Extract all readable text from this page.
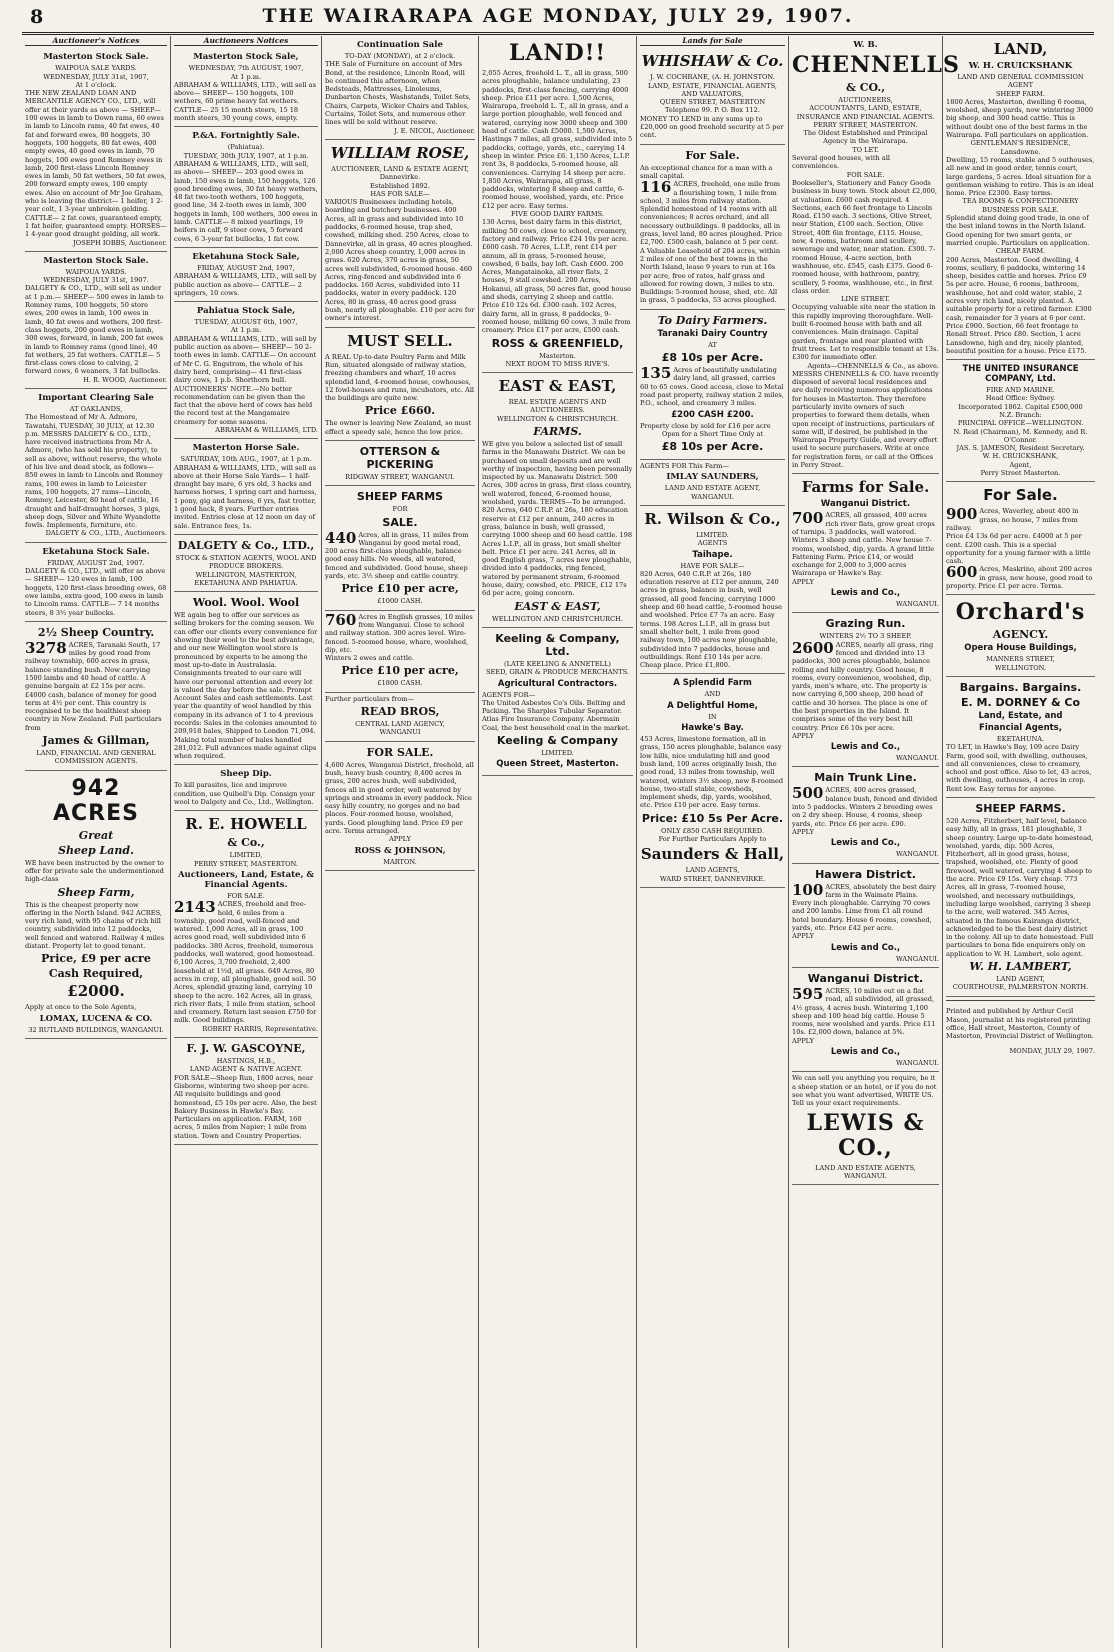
8	THE WAIRARAPA AGE MONDAY, JULY 29, 1907.
Auctioneer's Notices
Masterton Stock Sale.

WAIPOUA SALE YARDS.

WEDNESDAY, JULY 31st, 1907,

At 1 o'clock.

THE NEW ZEALAND LOAN AND MERCANTILE AGENCY CO., LTD., will offer at their yards as above — SHEEP— 100 ewes in lamb to Down rams, 60 ewes in lamb to Lincoln rams, 40 fat ewes, 40 fat and forward ewes, 80 hoggets, 30 hoggets, 100 hoggets, 80 fat ewes, 400 empty ewes, 40 good ewes in lamb, 70 hoggets, 100 ewes good Romney ewes in lamb, 200 first-class Lincoln Romney ewes in lamb, 50 fat wethers, 50 fat ewes, 200 forward empty ewes, 100 empty ewes. Also on account of Mr Joe Graham, who is leaving the district— 1 heifer, 1 2-year colt, 1 3-year unbroken gelding. CATTLE— 2 fat cows, guaranteed empty, 1 fat heifer, guaranteed empty. HORSES— 1 4-year good draught gelding, all work.

JOSEPH IOBBS, Auctioneer.

Masterton Stock Sale.

WAIPOUA YARDS.

WEDNESDAY, JULY 31st, 1907.

DALGETY & CO., LTD., will sell as under at 1 p.m.— SHEEP— 500 ewes in lamb to Romney rams, 100 hoggets, 50 store ewes, 200 ewes in lamb, 100 ewes in lamb, 40 fat ewes and wethers, 200 first-class hoggets, 200 good ewes in lamb, 300 ewes, forward, in lamb, 200 fat ewes in lamb to Romney rams (good line), 40 fat wethers, 25 fat wethers. CATTLE— 5 first-class cows close to calving, 2 forward cows, 6 weaners, 3 fat bullocks.

H. R. WOOD, Auctioneer.

Important Clearing Sale

AT OAKLANDS,

The Homestead of Mr A. Admore, Tawatahi, TUESDAY, 30 JULY, at 12.30 p.m. MESSRS DALGETY & CO., LTD., have received instructions from Mr A. Admore, (who has sold his property), to sell as above, without reserve, the whole of his live and dead stock, as follows— 850 ewes in lamb to Lincoln and Romney rams, 100 ewes in lamb to Leicester rams, 100 hoggets, 27 rams—Lincoln, Romney, Leicester, 80 head of cattle, 16 draught and half-draught horses, 3 pigs, sheep dogs, Silver and White Wyandotte fowls. Implements, furniture, etc.

DALGETY & CO., LTD., Auctioneers.

Eketahuna Stock Sale.

FRIDAY, AUGUST 2nd, 1907.

DALGETY & CO., LTD., will offer as above— SHEEP— 120 ewes in lamb, 100 hoggets, 120 first-class breeding ewes, 68 ewe lambs, extra good, 100 ewes in lamb to Lincoln rams. CATTLE— 7 14 months steers, 8 3½ year bullocks.

2½ Sheep Country.

3278 ACRES, Taranaki South, 17 miles by good road from railway township, 600 acres in grass, balance standing bush. Now carrying 1500 lambs and 40 head of cattle. A genuine bargain at £2 15s per acre. £4000 cash, balance of money for good term at 4½ per cent. This country is recognised to be the healthiest sheep country in New Zealand. Full particulars from

James & Gillman,

LAND, FINANCIAL AND GENERAL COMMISSION AGENTS.

942 ACRES
Great
Sheep Land.

WE have been instructed by the owner to offer for private sale the undermentioned high-class

Sheep Farm,

This is the cheapest property now offering in the North Island. 942 ACRES, very rich land, with 95 chains of rich hill country, subdivided into 12 paddocks, well fenced and watered. Railway 4 miles distant. Property let to good tenant.

Price, £9 per acre
Cash Required,
£2000.

Apply at once to the Sole Agents,

LOMAX, LUCENA & CO.

32 RUTLAND BUILDINGS, WANGANUI.

Auctioneers Notices
Masterton Stock Sale,

WEDNESDAY, 7th AUGUST, 1907,

At 1 p.m.

ABRAHAM & WILLIAMS, LTD., will sell as above— SHEEP— 150 hoggets, 100 wethers, 60 prime heavy fat wethers. CATTLE— 25 15 month steers, 15 18 month steers, 30 young cows, empty.

P.&A. Fortnightly Sale.

(Pahiatua).

TUESDAY, 30th JULY, 1907, at 1 p.m.

ABRAHAM & WILLIAMS, LTD., will sell, as above— SHEEP— 203 good ewes in lamb, 150 ewes in lamb, 150 hoggets, 126 good breeding ewes, 30 fat heavy wethers, 48 fat two-tooth wethers, 100 hoggets, good line, 34 2-tooth ewes in lamb, 300 hoggets in lamb, 100 wethers, 300 ewes in lamb. CATTLE— 8 mixed yearlings, 19 heifers in calf, 9 steer cows, 5 forward cows, 6 3-year fat bullocks, 1 fat cow.

Eketahuna Stock Sale,

FRIDAY, AUGUST 2nd, 1907,

ABRAHAM & WILLIAMS, LTD., will sell by public auction as above— CATTLE— 2 springers, 10 cows.

Pahiatua Stock Sale,

TUESDAY, AUGUST 6th, 1907,

At 1 p.m.

ABRAHAM & WILLIAMS, LTD., will sell by public auction as above— SHEEP— 50 2-tooth ewes in lamb. CATTLE— On account of Mr C. G. Engstrom, the whole of his dairy herd, comprising— 41 first-class dairy cows, 1 p.b. Shorthorn bull.

AUCTIONEERS' NOTE.—No better recommendation can be given than the fact that the above herd of cows has held the record test at the Mangamaire creamery for some seasons.

ABRAHAM & WILLIAMS, LTD.

Masterton Horse Sale.

SATURDAY, 10th AUG., 1907, at 1 p.m.

ABRAHAM & WILLIAMS, LTD., will sell as above at their Horse Sale Yards— 1 half-draught bay mare, 6 yrs old, 3 hacks and harness horses, 1 spring cart and harness, 1 pony, gig and harness, 6 yrs, fast trotter, 1 good hack, 8 years. Further entries invited. Entries close at 12 noon on day of sale. Entrance fees, 1s.

DALGETY & Co., LTD.,

STOCK & STATION AGENTS, WOOL AND PRODUCE BROKERS.

WELLINGTON, MASTERTON, EKETAHUNA AND PAHIATUA.

Wool. Wool. Wool

WE again beg to offer our services as selling brokers for the coming season. We can offer our clients every convenience for showing their wool to the best advantage, and our new Wellington wool store is pronounced by experts to be among the most up-to-date in Australasia. Consignments treated to our care will have our personal attention and every lot is valued the day before the sale. Prompt Account Sales and cash settlements. Last year the quantity of wool handled by this company in its advance of 1 to 4 previous records: Sales in the colonies amounted to 209,918 bales, Shipped to London 71,094. Making total number of bales handled 281,012. Full advances made against clips when required.

Sheep Dip.

To kill parasites, lice and improve condition, use Quibell's Dip. Consign your wool to Dalgety and Co., Ltd., Wellington.

R. E. HOWELL
& Co.,

LIMITED,

PERRY STREET, MASTERTON.

Auctioneers, Land, Estate, & Financial Agents.

FOR SALE.

2143 ACRES, freehold and free-hold, 6 miles from a township, good road, well-fenced and watered. 1,000 Acres, all in grass, 100 acres good road, well subdivided into 6 paddocks. 380 Acres, freehold, numerous paddocks, well watered, good homestead. 6,100 Acres, 3,700 freehold, 2,400 leasehold at 1½d, all grass. 649 Acres, 80 acres in crop, all ploughable, good soil. 50 Acres, splendid grazing land, carrying 10 sheep to the acre. 162 Acres, all in grass, rich river flats, 1 mile from station, school and creamery. Return last season £750 for milk. Good buildings.

ROBERT HARRIS, Representative.

F. J. W. GASCOYNE,

HASTINGS, H.B.,

LAND AGENT & NATIVE AGENT.

FOR SALE—Sheep Run, 1800 acres, near Gisborne, wintering two sheep per acre. All requisite buildings and good homestead, £5 10s per acre. Also, the best Bakery Business in Hawke's Bay. Particulars on application. FARM, 160 acres, 5 miles from Napier; 1 mile from station. Town and Country Properties.

Continuation Sale

TO-DAY (MONDAY), at 2 o'clock.

THE Sale of Furniture on account of Mrs Bond, at the residence, Lincoln Road, will be continued this afternoon, when Bedsteads, Mattresses, Linoleums, Dunbarton Chests, Washstands, Toilet Sets, Chairs, Carpets, Wicker Chairs and Tables, Curtains, Toilet Sets, and numerous other lines will be sold without reserve.

J. E. NICOL, Auctioneer.

WILLIAM ROSE,

AUCTIONEER, LAND & ESTATE AGENT, Dannevirke.

Established 1892.

HAS FOR SALE—

VARIOUS Businesses including hotels, boarding and butchery businesses. 400 Acres, all in grass and subdivided into 10 paddocks, 6-roomed house, trap shed, cowshed, milking shed. 250 Acres, close to Dannevirke, all in grass, 40 acres ploughed. 2,000 Acres sheep country, 1,000 acres in grass. 620 Acres, 370 acres in grass, 50 acres well subdivided, 6-roomed house. 460 Acres, ring-fenced and subdivided into 6 paddocks. 160 Acres, subdivided into 11 paddocks, water in every paddock. 120 Acres, 80 in grass, 40 acres good grass bush, nearly all ploughable. £10 per acre for owner's interest.

MUST SELL.

A REAL Up-to-date Poultry Farm and Milk Run, situated alongside of railway station, freezing chambers and wharf, 10 acres splendid land, 4-roomed house, cowhouses, 12 fowl-houses and runs, incubators, etc. All the buildings are quite new.

Price £660.

The owner is leaving New Zealand, so must effect a speedy sale, hence the low price.

OTTERSON & PICKERING

RIDGWAY STREET, WANGANUI.

SHEEP FARMS

FOR

SALE.

440 Acres, all in grass, 11 miles from Wanganui by good metal road, 200 acres first-class ploughable, balance good easy hills. No weeds, all watered, fenced and subdivided. Good house, sheep yards, etc. 3½ sheep and cattle country.

Price £10 per acre,

£1000 CASH.

760 Acres in English grasses, 10 miles from Wanganui. Close to school and railway station. 300 acres level. Wire-fenced. 5-roomed house, whare, woolshed, dip, etc.

Winters 2 ewes and cattle.

Price £10 per acre,

£1800 CASH.

Further particulars from—

READ BROS,

CENTRAL LAND AGENCY,

WANGANUI

FOR SALE.

4,600 Acres, Wanganui District, freehold, all bush, heavy bush country, 8,400 acres in grass, 200 acres bush, well subdivided, fences all in good order, well watered by springs and streams in every paddock. Nice easy hilly country, no gorges and no bad places. Four-roomed house, woolshed, yards. Good ploughing land. Price £9 per acre. Terms arranged.

APPLY

ROSS & JOHNSON,

MARTON.

LAND!!

2,055 Acres, freehold L. T., all in grass, 500 acres ploughable, balance undulating, 23 paddocks, first-class fencing, carrying 4000 sheep. Price £11 per acre. 1,500 Acres, Wairarapa, freehold L. T., all in grass, and a large portion ploughable, well fenced and watered, carrying now 3000 sheep and 300 head of cattle. Cash £5000. 1,500 Acres, Hastings 7 miles, all grass, subdivided into 5 paddocks, cottage, yards, etc., carrying 14 sheep in winter. Price £6. 1,150 Acres, L.I.P. rent 3s, 8 paddocks, 5-roomed house, all conveniences. Carrying 14 sheep per acre. 1,850 Acres, Wairarapa, all grass, 8 paddocks, wintering 8 sheep and cattle, 6-roomed house, woolshed, yards, etc. Price £12 per acre. Easy terms.

FIVE GOOD DAIRY FARMS.

130 Acres, best dairy farm in this district, milking 50 cows, close to school, creamery, factory and railway. Price £24 10s per acre. £600 cash. 70 Acres, L.I.P., rent £14 per annum, all in grass, 5-roomed house, cowshed, 6 bails, bay loft. Cash £600. 200 Acres, Mangatainoka, all river flats, 2 houses, 9 stall cowshed. 200 Acres, Hokanui, all grass, 50 acres flat, good house and sheds, carrying 2 sheep and cattle. Price £10 12s 6d. £300 cash. 102 Acres, dairy farm, all in grass, 8 paddocks, 9-roomed house, milking 60 cows, 3 mile from creamery. Price £17 per acre, £500 cash.

ROSS & GREENFIELD,

Masterton.

NEXT ROOM TO MISS RIVE'S.

EAST & EAST,

REAL ESTATE AGENTS AND AUCTIONEERS.

WELLINGTON & CHRISTCHURCH.

FARMS.

WE give you below a selected list of small farms in the Manawatu District. We can be purchased on small deposits and are well worthy of inspection, having been personally inspected by us. Manawatu District. 500 Acres, 300 acres in grass, first class country, well watered, fenced, 6-roomed house, woolshed, yards. TERMS—To be arranged. 820 Acres, 640 C.R.P. at 26s, 180 education reserve at £12 per annum, 240 acres in grass, balance in bush, well grassed, carrying 1000 sheep and 60 head cattle. 198 Acres L.I.P., all in grass, but small shelter belt. Price £1 per acre. 241 Acres, all in good English grass, 7 acres new ploughable, divided into 4 paddocks, ring fenced, watered by permanent stream, 6-roomed house, dairy, cowshed, etc. PRICE, £12 17s 6d per acre, going concern.

EAST & EAST,

WELLINGTON AND CHRISTCHURCH.

Keeling & Company, Ltd.

(LATE KEELING & ANNETELL)

SEED, GRAIN & PRODUCE MERCHANTS.

Agricultural Contractors.

AGENTS FOR—

The United Asbestos Co's Oils. Belting and Packing. The Sharples Tubular Separator. Atlas Fire Insurance Company. Abermain Coal, the best household coal in the market.

Keeling & Company

LIMITED.

Queen Street, Masterton.
Lands for Sale
WHISHAW & Co.

J. W. COCHRANE, (A. H. JOHNSTON.

LAND, ESTATE, FINANCIAL AGENTS, AND VALUATORS,

QUEEN STREET, MASTERTON

Telephone 99. P. O. Box 112.

MONEY TO LEND in any sums up to £20,000 on good freehold security at 5 per cent.

For Sale.

An exceptional chance for a man with a small capital.

116 ACRES, freehold, one mile from a flourishing town, 1 mile from school, 3 miles from railway station. Splendid homestead of 14 rooms with all conveniences; 8 acres orchard, and all necessary outbuildings. 8 paddocks, all in grass, level land, 80 acres ploughed. Price £2,700. £500 cash, balance at 5 per cent.

A Valuable Leasehold of 204 acres, within 2 miles of one of the best towns in the North Island, lease 9 years to run at 16s per acre, free of rates, half grass and allowed for rowing down, 3 miles to stn. Buildings: 5-roomed house, shed, etc. All in grass, 5 paddocks, 53 acres ploughed.

To Dairy Farmers.
Taranaki Dairy Country

AT

£8 10s per Acre.

135 Acres of beautifully undulating dairy land, all grassed, carries 60 to 65 cows. Good access, close to Metal road past property, railway station 2 miles, P.O., school, and creamery 3 miles.

£200 CASH £200.

Property close by sold for £16 per acre

Open for a Short Time Only at

£8 10s per Acre.

AGENTS FOR This Farm—

IMLAY SAUNDERS,

LAND AND ESTATE AGENT,

WANGANUI.

R. Wilson & Co.,

LIMITED.

AGENTS

Taihape.

HAVE FOR SALE—

820 Acres, 640 C.R.P. at 26s, 180 education reserve at £12 per annum, 240 acres in grass, balance in bush, well grassed, all good fencing, carrying 1000 sheep and 60 head cattle, 5-roomed house and woolshed. Price £7 7s an acre. Easy terms. 198 Acres L.I.P., all in grass but small shelter belt, 1 mile from good railway town, 100 acres now ploughable, subdivided into 7 paddocks, house and outbuildings. Rent £10 14s per acre. Cheap place. Price £1,800.

A Splendid Farm

AND

A Delightful Home,

IN

Hawke's Bay.

453 Acres, limestone formation, all in grass, 150 acres ploughable, balance easy low hills, nice undulating hill and good bush land, 100 acres originally bush, the good road, 13 miles from township, well watered, winters 3½ sheep, new 8-roomed house, two-stall stable, cowsheds, implement sheds, dip, yards, woolshed, etc. Price £10 per acre. Easy terms.

Price: £10 5s Per Acre.

ONLY £850 CASH REQUIRED.

For Further Particulars Apply to

Saunders & Hall,

LAND AGENTS,

WARD STREET, DANNEVIRKE.

W. B.
CHENNELLS
& CO.,

AUCTIONEERS,

ACCOUNTANTS, LAND, ESTATE, INSURANCE AND FINANCIAL AGENTS.

PERRY STREET, MASTERTON.

The Oldest Established and Principal Agency in the Wairarapa.

TO LET.

Several good houses, with all conveniences.

FOR SALE.

Bookseller's, Stationery and Fancy Goods business in busy town. Stock about £2,000, at valuation. £600 cash required. 4 Sections, each 66 feet frontage to Lincoln Road. £150 each. 3 sections, Olive Street, near Station, £100 each. Section, Olive Street, 40ft 6in frontage, £115. House, new, 4 rooms, bathroom and scullery, sewerage and water, near station. £300. 7-roomed House, 4-acre section, both washhouse, etc. £545, cash £375. Good 6-roomed house, with bathroom, pantry, scullery, 5 rooms, washhouse, etc., in first class order.

LINE STREET.

Occupying valuable site near the station in this rapidly improving thoroughfare. Well-built 6-roomed house with bath and all conveniences. Main drainage. Capital garden, frontage and rear planted with fruit trees. Let to responsible tenant at 13s. £300 for immediate offer.

Agents—CHENNELLS & Co., as above.

MESSRS CHENNELLS & CO. have recently disposed of several local residences and are daily receiving numerous applications for houses in Masterton. They therefore particularly invite owners of such properties to forward them details, when upon receipt of instructions, particulars of same will, if desired, be published in the Wairarapa Property Guide, and every effort used to secure purchasers. Write at once for registration form, or call at the Offices in Perry Street.

Farms for Sale.
Wanganui District.

700 ACRES, all grassed, 400 acres rich river flats, grow great crops of turnips. 3 paddocks, well watered. Winters 3 sheep and cattle. New house 7-rooms, woolshed, dip, yards. A grand little Fattening Farm. Price £14, or would exchange for 2,000 to 3,000 acres Wairarapa or Hawke's Bay.

APPLY

Lewis and Co.,

WANGANUI.

Grazing Run.

WINTERS 2½ TO 3 SHEEP.

2600 ACRES, nearly all grass, ring fenced and divided into 13 paddocks, 300 acres ploughable, balance rolling and hilly country. Good house, 8 rooms, every convenience, woolshed, dip, yards, men's whare, etc. The property is now carrying 6,500 sheep, 200 head of cattle and 30 horses. The place is one of the best properties in the Island. It comprises some of the very best hill country. Price £6 10s per acre.

APPLY

Lewis and Co.,

WANGANUI.

Main Trunk Line.

500 ACRES, 400 acres grassed, balance bush, fenced and divided into 5 paddocks. Winters 2 breeding ewes on 2 dry sheep. House, 4 rooms, sheep yards, etc. Price £6 per acre. £90.

APPLY

Lewis and Co.,

WANGANUI.

Hawera District.

100 ACRES, absolutely the best dairy farm in the Waimate Plains. Every inch ploughable. Carrying 70 cows and 200 lambs. Lime from £1 all round hotel boundary. House 6 rooms, cowshed, yards, etc. Price £42 per acre.

APPLY

Lewis and Co.,

WANGANUI.

Wanganui District.

595 ACRES, 10 miles out on a flat road, all subdivided, all grassed, 4½ grass, 4 acres bush. Wintering 1,100 sheep and 100 head big cattle. House 5 rooms, new woolshed and yards. Price £11 10s. £2,000 down, balance at 5%.

APPLY

Lewis and Co.,

WANGANUI.

We can sell you anything you require, be it a sheep station or an hotel, or if you do not see what you want advertised, WRITE US. Tell us your exact requirements.

LEWIS & CO.,

LAND AND ESTATE AGENTS,

WANGANUI.

LAND,
W. H. CRUICKSHANK

LAND AND GENERAL COMMISSION AGENT

SHEEP FARM.

1800 Acres, Masterton, dwelling 6 rooms, woolshed, sheep yards, now wintering 3000 big sheep, and 300 head cattle. This is without doubt one of the best farms in the Wairarapa. Full particulars on application.

GENTLEMAN'S RESIDENCE,

Lansdowne.

Dwelling, 15 rooms, stable and 5 outhouses, all new and in good order, tennis court, large gardens, 5 acres. Ideal situation for a gentleman wishing to retire. This is an ideal home. Price £2300. Easy terms.

TEA ROOMS & CONFECTIONERY BUSINESS FOR SALE.

Splendid stand doing good trade, in one of the best inland towns in the North Island. Good opening for two smart gents, or married couple. Particulars on application.

CHEAP FARM.

200 Acres, Masterton. Good dwelling, 4 rooms, scullery, 6 paddocks, wintering 14 sheep, besides cattle and horses. Price £9 5s per acre. House, 6 rooms, bathroom, washhouse, hot and cold water, stable, 2 acres very rich land, nicely planted. A suitable property for a retired farmer. £300 cash, remainder for 3 years at 6 per cent. Price £900. Section, 66 feet frontage to Renall Street. Price £80. Section, 1 acre Lansdowne, high and dry, nicely planted, beautiful position for a house. Price £175.

THE UNITED INSURANCE COMPANY, Ltd.

FIRE AND MARINE.

Head Office: Sydney.

Incorporated 1862. Capital £500,000

N.Z. Branch:

PRINCIPAL OFFICE—WELLINGTON.

N. Reid (Chairman), M. Kennedy, and R. O'Connor.

JAS. S. JAMESON, Resident Secretary.

W. H. CRUICKSHANK,

Agent,

Perry Street Masterton.

For Sale.

900 Acres, Waverley, about 400 in grass, no house, 7 miles from railway.

Price £4 13s 6d per acre. £4000 at 5 per cent. £200 cash. This is a special opportunity for a young farmer with a little cash.

600 Acres, Maskrino, about 200 acres in grass, new house, good road to property. Price £1 per acre. Terms.

Orchard's
AGENCY.
Opera House Buildings,

MANNERS STREET,

WELLINGTON.

Bargains. Bargains.
E. M. DORNEY & Co
Land, Estate, and
Financial Agents,

EKETAHUNA.

TO LET, in Hawke's Bay, 109 acre Dairy Farm, good soil, with dwelling, outhouses, and all conveniences, close to creamery, school and post office. Also to let, 43 acres, with dwelling, outhouses, 4 acres in crop. Rent low. Easy terms for anyone.

SHEEP FARMS.

520 Acres, Fitzherbert, half level, balance easy hilly, all in grass, 181 ploughable, 3 sheep country. Large up-to-date homestead, woolshed, yards, dip. 500 Acres, Fitzherbert, all in good grass, house, trapshed, woolshed, etc. Plenty of good firewood, well watered, carrying 4 sheep to the acre. Price £9 15s. Very cheap. 773 Acres, all in grass, 7-roomed house, woolshed, and necessary outbuildings, including large woolshed, carrying 3 sheep to the acre, well watered. 345 Acres, situated in the famous Kairanga district, acknowledged to be the best dairy district in the colony. All up to date homestead. Full particulars to bona fide enquirers only on application to W. H. Lambert, sole agent.

W. H. LAMBERT,

LAND AGENT,

COURTHOUSE, PALMERSTON NORTH.

Printed and published by Arthur Cecil Mason, journalist at his registered printing office, Hall street, Masterton, County of Masterton, Provincial District of Wellington.

MONDAY, JULY 29, 1907.
